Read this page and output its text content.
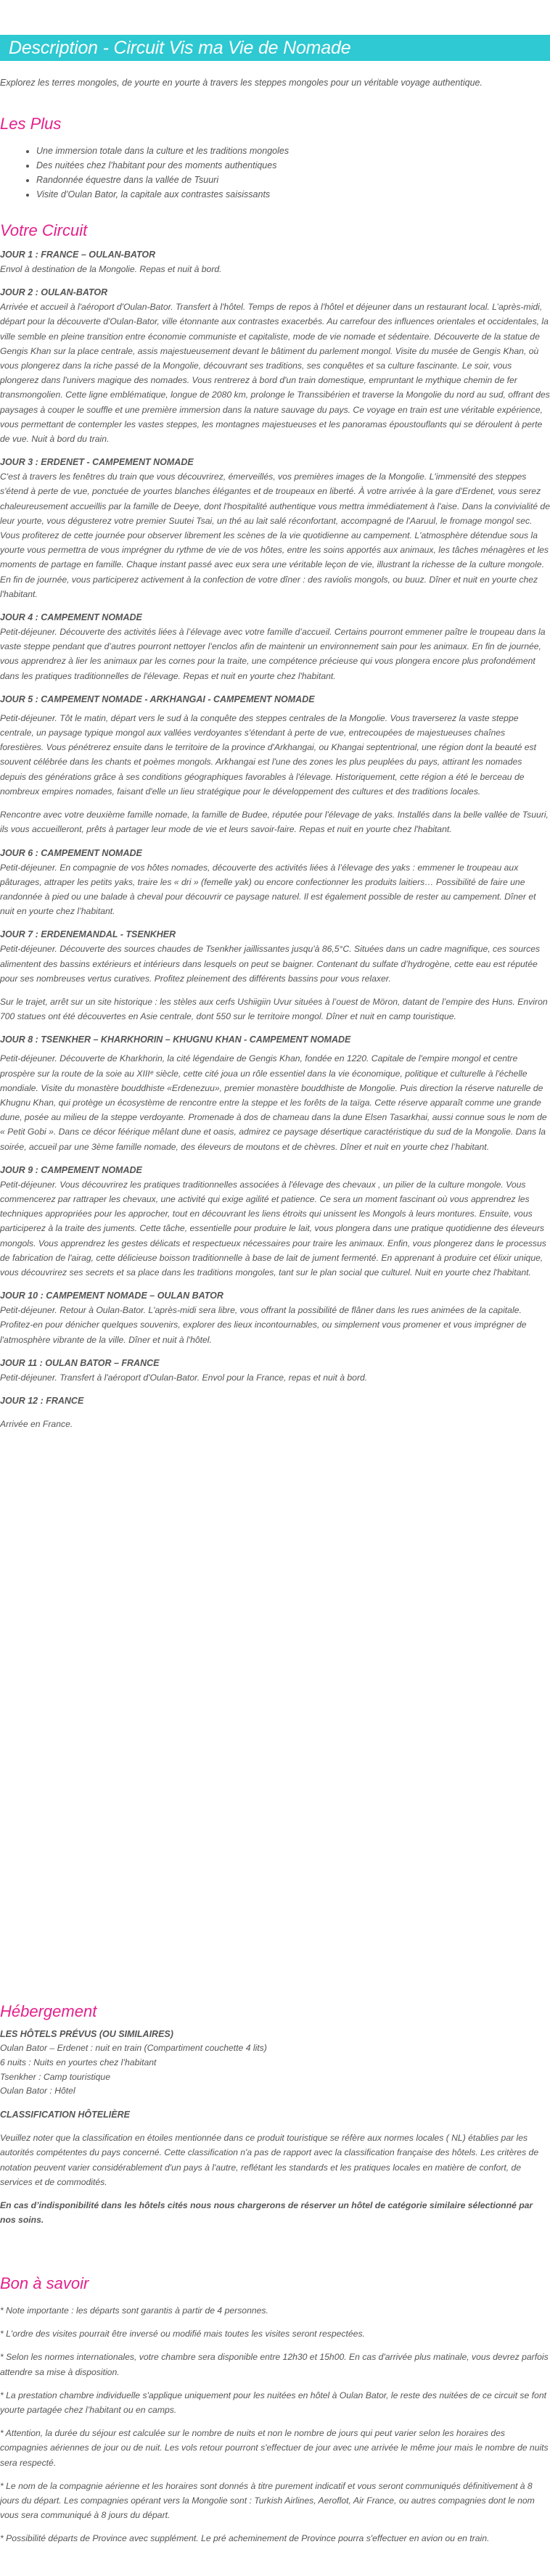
Description - Circuit Vis ma Vie de Nomade

Explorez les terres mongoles, de yourte en yourte à travers les steppes mongoles pour un véritable voyage authentique.

Les Plus
• Une immersion totale dans la culture et les traditions mongoles
• Des nuitées chez l’habitant pour des moments authentiques
• Randonnée équestre dans la vallée de Tsuuri
• Visite d’Oulan Bator, la capitale aux contrastes saisissants
Votre Circuit

JOUR 1 : FRANCE – OULAN-BATOR

Envol à destination de la Mongolie. Repas et nuit à bord.

JOUR 2 : OULAN-BATOR

Arrivée et accueil à l'aéroport d'Oulan-Bator. Transfert à l'hôtel. Temps de repos à l'hôtel et déjeuner dans un restaurant local. L’après-midi, départ pour la découverte d'Oulan-Bator, ville étonnante aux contrastes exacerbés. Au carrefour des influences orientales et occidentales, la ville semble en pleine transition entre économie communiste et capitaliste, mode de vie nomade et sédentaire. Découverte de la statue de Gengis Khan sur la place centrale, assis majestueusement devant le bâtiment du parlement mongol. Visite du musée de Gengis Khan, où vous plongerez dans la riche passé de la Mongolie, découvrant ses traditions, ses conquêtes et sa culture fascinante. Le soir, vous plongerez dans l'univers magique des nomades. Vous rentrerez à bord d'un train domestique, empruntant le mythique chemin de fer transmongolien. Cette ligne emblématique, longue de 2080 km, prolonge le Transsibérien et traverse la Mongolie du nord au sud, offrant des paysages à couper le souffle et une première immersion dans la nature sauvage du pays. Ce voyage en train est une véritable expérience, vous permettant de contempler les vastes steppes, les montagnes majestueuses et les panoramas époustouflants qui se déroulent à perte de vue. Nuit à bord du train.

JOUR 3 : ERDENET - CAMPEMENT NOMADE

C'est à travers les fenêtres du train que vous découvrirez, émerveillés, vos premières images de la Mongolie. L'immensité des steppes s'étend à perte de vue, ponctuée de yourtes blanches élégantes et de troupeaux en liberté. À votre arrivée à la gare d'Erdenet, vous serez chaleureusement accueillis par la famille de Deeye, dont l'hospitalité authentique vous mettra immédiatement à l'aise. Dans la convivialité de leur yourte, vous dégusterez votre premier Suutei Tsai, un thé au lait salé réconfortant, accompagné de l'Aaruul, le fromage mongol sec. Vous profiterez de cette journée pour observer librement les scènes de la vie quotidienne au campement. L'atmosphère détendue sous la yourte vous permettra de vous imprégner du rythme de vie de vos hôtes, entre les soins apportés aux animaux, les tâches ménagères et les moments de partage en famille. Chaque instant passé avec eux sera une véritable leçon de vie, illustrant la richesse de la culture mongole. En fin de journée, vous participerez activement à la confection de votre dîner : des raviolis mongols, ou buuz. Dîner et nuit en yourte chez l'habitant.

JOUR 4 : CAMPEMENT NOMADE

Petit-déjeuner. Découverte des activités liées à l’élevage avec votre famille d’accueil. Certains pourront emmener paître le troupeau dans la vaste steppe pendant que d’autres pourront nettoyer l’enclos afin de maintenir un environnement sain pour les animaux. En fin de journée, vous apprendrez à lier les animaux par les cornes pour la traite, une compétence précieuse qui vous plongera encore plus profondément dans les pratiques traditionnelles de l'élevage. Repas et nuit en yourte chez l'habitant.

JOUR 5 : CAMPEMENT NOMADE - ARKHANGAI - CAMPEMENT NOMADE

Petit-déjeuner. Tôt le matin, départ vers le sud à la conquête des steppes centrales de la Mongolie. Vous traverserez la vaste steppe centrale, un paysage typique mongol aux vallées verdoyantes s'étendant à perte de vue, entrecoupées de majestueuses chaînes forestières. Vous pénétrerez ensuite dans le territoire de la province d'Arkhangai, ou Khangai septentrional, une région dont la beauté est souvent célébrée dans les chants et poèmes mongols. Arkhangai est l'une des zones les plus peuplées du pays, attirant les nomades depuis des générations grâce à ses conditions géographiques favorables à l'élevage. Historiquement, cette région a été le berceau de nombreux empires nomades, faisant d'elle un lieu stratégique pour le développement des cultures et des traditions locales.

Rencontre avec votre deuxième famille nomade, la famille de Budee, réputée pour l'élevage de yaks. Installés dans la belle vallée de Tsuuri, ils vous accueilleront, prêts à partager leur mode de vie et leurs savoir-faire. Repas et nuit en yourte chez l'habitant.

JOUR 6 : CAMPEMENT NOMADE

Petit-déjeuner. En compagnie de vos hôtes nomades, découverte des activités liées à l’élevage des yaks : emmener le troupeau aux pâturages, attraper les petits yaks, traire les « dri » (femelle yak) ou encore confectionner les produits laitiers… Possibilité de faire une randonnée à pied ou une balade à cheval pour découvrir ce paysage naturel. Il est également possible de rester au campement. Dîner et nuit en yourte chez l’habitant.

JOUR 7 : ERDENEMANDAL - TSENKHER

Petit-déjeuner. Découverte des sources chaudes de Tsenkher jaillissantes jusqu'à 86,5°C. Situées dans un cadre magnifique, ces sources alimentent des bassins extérieurs et intérieurs dans lesquels on peut se baigner. Contenant du sulfate d’hydrogène, cette eau est réputée pour ses nombreuses vertus curatives. Profitez pleinement des différents bassins pour vous relaxer.

Sur le trajet, arrêt sur un site historique : les stèles aux cerfs Ushiigiin Uvur situées à l’ouest de Möron, datant de l’empire des Huns. Environ 700 statues ont été découvertes en Asie centrale, dont 550 sur le territoire mongol. Dîner et nuit en camp touristique.

JOUR 8 : TSENKHER – KHARKHORIN – KHUGNU KHAN - CAMPEMENT NOMADE

Petit-déjeuner. Découverte de Kharkhorin, la cité légendaire de Gengis Khan, fondée en 1220. Capitale de l'empire mongol et centre prospère sur la route de la soie au XIIIᵉ siècle, cette cité joua un rôle essentiel dans la vie économique, politique et culturelle à l'échelle mondiale. Visite du monastère bouddhiste «Erdenezuu», premier monastère bouddhiste de Mongolie. Puis direction la réserve naturelle de Khugnu Khan, qui protège un écosystème de rencontre entre la steppe et les forêts de la taïga. Cette réserve apparaît comme une grande dune, posée au milieu de la steppe verdoyante. Promenade à dos de chameau dans la dune Elsen Tasarkhai, aussi connue sous le nom de « Petit Gobi ». Dans ce décor féérique mêlant dune et oasis, admirez ce paysage désertique caractéristique du sud de la Mongolie. Dans la soirée, accueil par une 3ème famille nomade, des éleveurs de moutons et de chèvres. Dîner et nuit en yourte chez l’habitant.

JOUR 9 : CAMPEMENT NOMADE

Petit-déjeuner. Vous découvrirez les pratiques traditionnelles associées à l'élevage des chevaux , un pilier de la culture mongole. Vous commencerez par rattraper les chevaux, une activité qui exige agilité et patience. Ce sera un moment fascinant où vous apprendrez les techniques appropriées pour les approcher, tout en découvrant les liens étroits qui unissent les Mongols à leurs montures. Ensuite, vous participerez à la traite des juments. Cette tâche, essentielle pour produire le lait, vous plongera dans une pratique quotidienne des éleveurs mongols. Vous apprendrez les gestes délicats et respectueux nécessaires pour traire les animaux. Enfin, vous plongerez dans le processus de fabrication de l'airag, cette délicieuse boisson traditionnelle à base de lait de jument fermenté. En apprenant à produire cet élixir unique, vous découvrirez ses secrets et sa place dans les traditions mongoles, tant sur le plan social que culturel. Nuit en yourte chez l'habitant.

JOUR 10 : CAMPEMENT NOMADE – OULAN BATOR

Petit-déjeuner. Retour à Oulan-Bator. L'après-midi sera libre, vous offrant la possibilité de flâner dans les rues animées de la capitale. Profitez-en pour dénicher quelques souvenirs, explorer des lieux incontournables, ou simplement vous promener et vous imprégner de l'atmosphère vibrante de la ville. Dîner et nuit à l'hôtel.

JOUR 11 : OULAN BATOR – FRANCE

Petit-déjeuner. Transfert à l'aéroport d'Oulan-Bator. Envol pour la France, repas et nuit à bord.

JOUR 12 : FRANCE

Arrivée en France.

Hébergement

LES HÔTELS PRÉVUS (OU SIMILAIRES)

Oulan Bator – Erdenet : nuit en train (Compartiment couchette 4 lits)

6 nuits : Nuits en yourtes chez l’habitant

Tsenkher : Camp touristique

Oulan Bator : Hôtel

CLASSIFICATION HÔTELIÈRE

Veuillez noter que la classification en étoiles mentionnée dans ce produit touristique se réfère aux normes locales ( NL) établies par les autorités compétentes du pays concerné. Cette classification n'a pas de rapport avec la classification française des hôtels. Les critères de notation peuvent varier considérablement d'un pays à l'autre, reflétant les standards et les pratiques locales en matière de confort, de services et de commodités.

En cas d’indisponibilité dans les hôtels cités nous nous chargerons de réserver un hôtel de catégorie similaire sélectionné par nos soins.

Bon à savoir

* Note importante : les départs sont garantis à partir de 4 personnes.

* L'ordre des visites pourrait être inversé ou modifié mais toutes les visites seront respectées.

* Selon les normes internationales, votre chambre sera disponible entre 12h30 et 15h00. En cas d'arrivée plus matinale, vous devrez parfois attendre sa mise à disposition.

* La prestation chambre individuelle s'applique uniquement pour les nuitées en hôtel à Oulan Bator, le reste des nuitées de ce circuit se font yourte partagée chez l’habitant ou en camps.

* Attention, la durée du séjour est calculée sur le nombre de nuits et non le nombre de jours qui peut varier selon les horaires des compagnies aériennes de jour ou de nuit. Les vols retour pourront s'effectuer de jour avec une arrivée le même jour mais le nombre de nuits sera respecté.

* Le nom de la compagnie aérienne et les horaires sont donnés à titre purement indicatif et vous seront communiqués définitivement à 8 jours du départ. Les compagnies opérant vers la Mongolie sont : Turkish Airlines, Aeroflot, Air France, ou autres compagnies dont le nom vous sera communiqué à 8 jours du départ.

* Possibilité départs de Province avec supplément. Le pré acheminement de Province pourra s'effectuer en avion ou en train.
